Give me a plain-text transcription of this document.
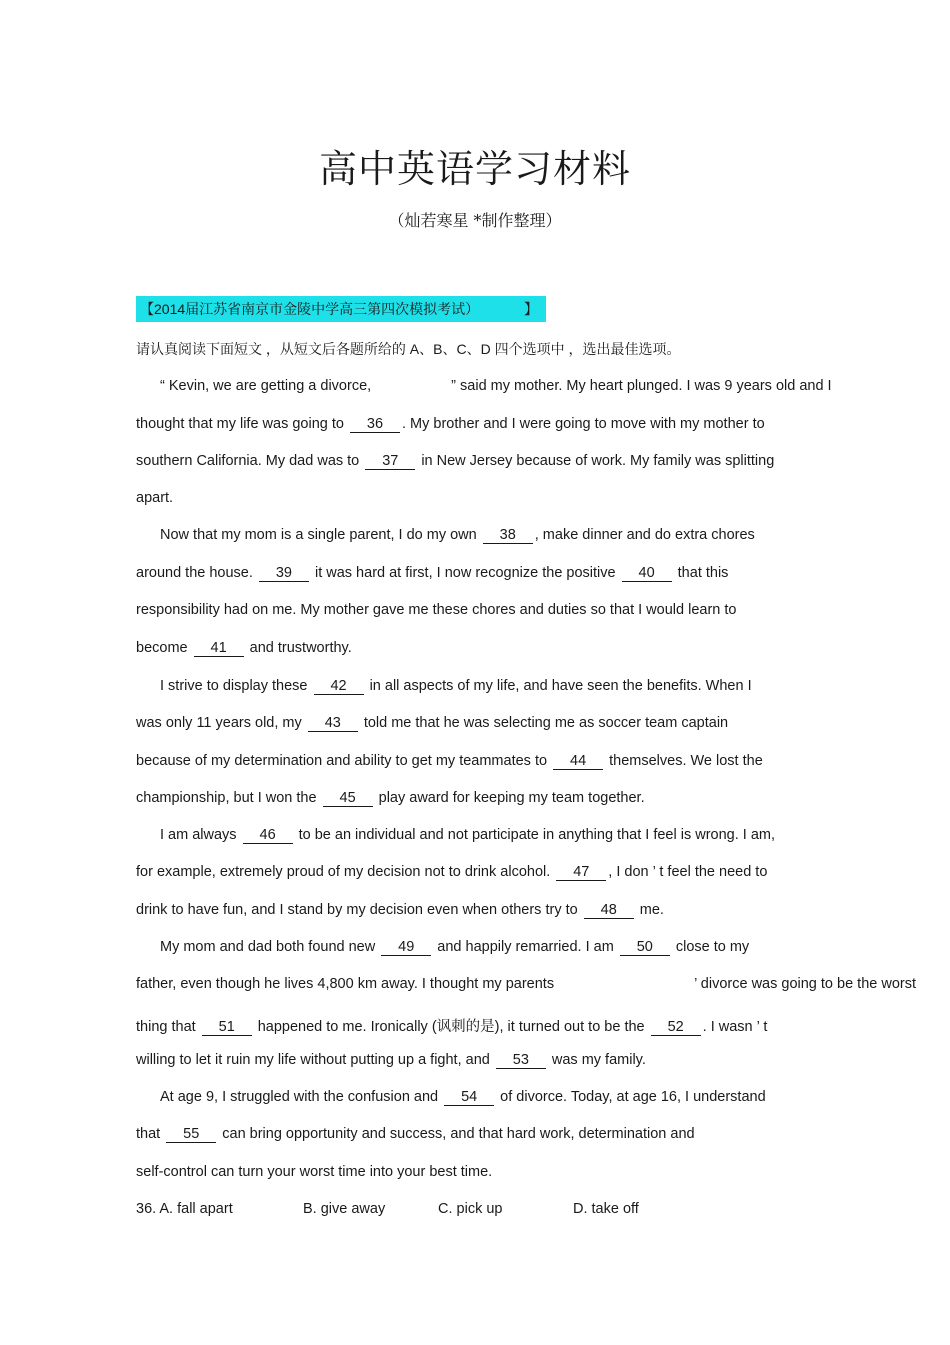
高中英语学习材料
（灿若寒星 *制作整理）
【2014届江苏省南京市金陵中学高三第四次模拟考试）	】
请认真阅读下面短文 ，从短文后各题所给的 A、B、C、D 四个选项中 ，选出最佳选项。
“ Kevin, we are getting a divorce,	” said my mother. My heart plunged. I was 9 years old and I
thought that my life was going to 36 . My brother and I were going to move with my mother to
southern California. My dad was to 37 in New Jersey because of work. My family was splitting
apart.
Now that my mom is a single parent, I do my own 38 , make dinner and do extra chores
around the house. 39 it was hard at first, I now recognize the positive 40 that this
responsibility had on me. My mother gave me these chores and duties so that I would learn to
become 41 and trustworthy.
I strive to display these 42 in all aspects of my life, and have seen the benefits. When I
was only 11 years old, my 43 told me that he was selecting me as soccer team captain
because of my determination and ability to get my teammates to 44 themselves. We lost the
championship, but I won the 45 play award for keeping my team together.
I am always 46 to be an individual and not participate in anything that I feel is wrong. I am,
for example, extremely proud of my decision not to drink alcohol. 47 , I don ’ t feel the need to
drink to have fun, and I stand by my decision even when others try to 48 me.
My mom and dad both found new 49 and happily remarried. I am 50 close to my
father, even though he lives 4,800 km away. I thought my parents	’ divorce was going to be the worst
thing that 51 happened to me. Ironically (讽刺的是), it turned out to be the 52 . I wasn ’ t
willing to let it ruin my life without putting up a fight, and 53 was my family.
At age 9, I struggled with the confusion and 54 of divorce. Today, at age 16, I understand
that 55 can bring opportunity and success, and that hard work, determination and
self-control can turn your worst time into your best time.
36. A. fall apart	B. give away	C. pick up	D. take off
